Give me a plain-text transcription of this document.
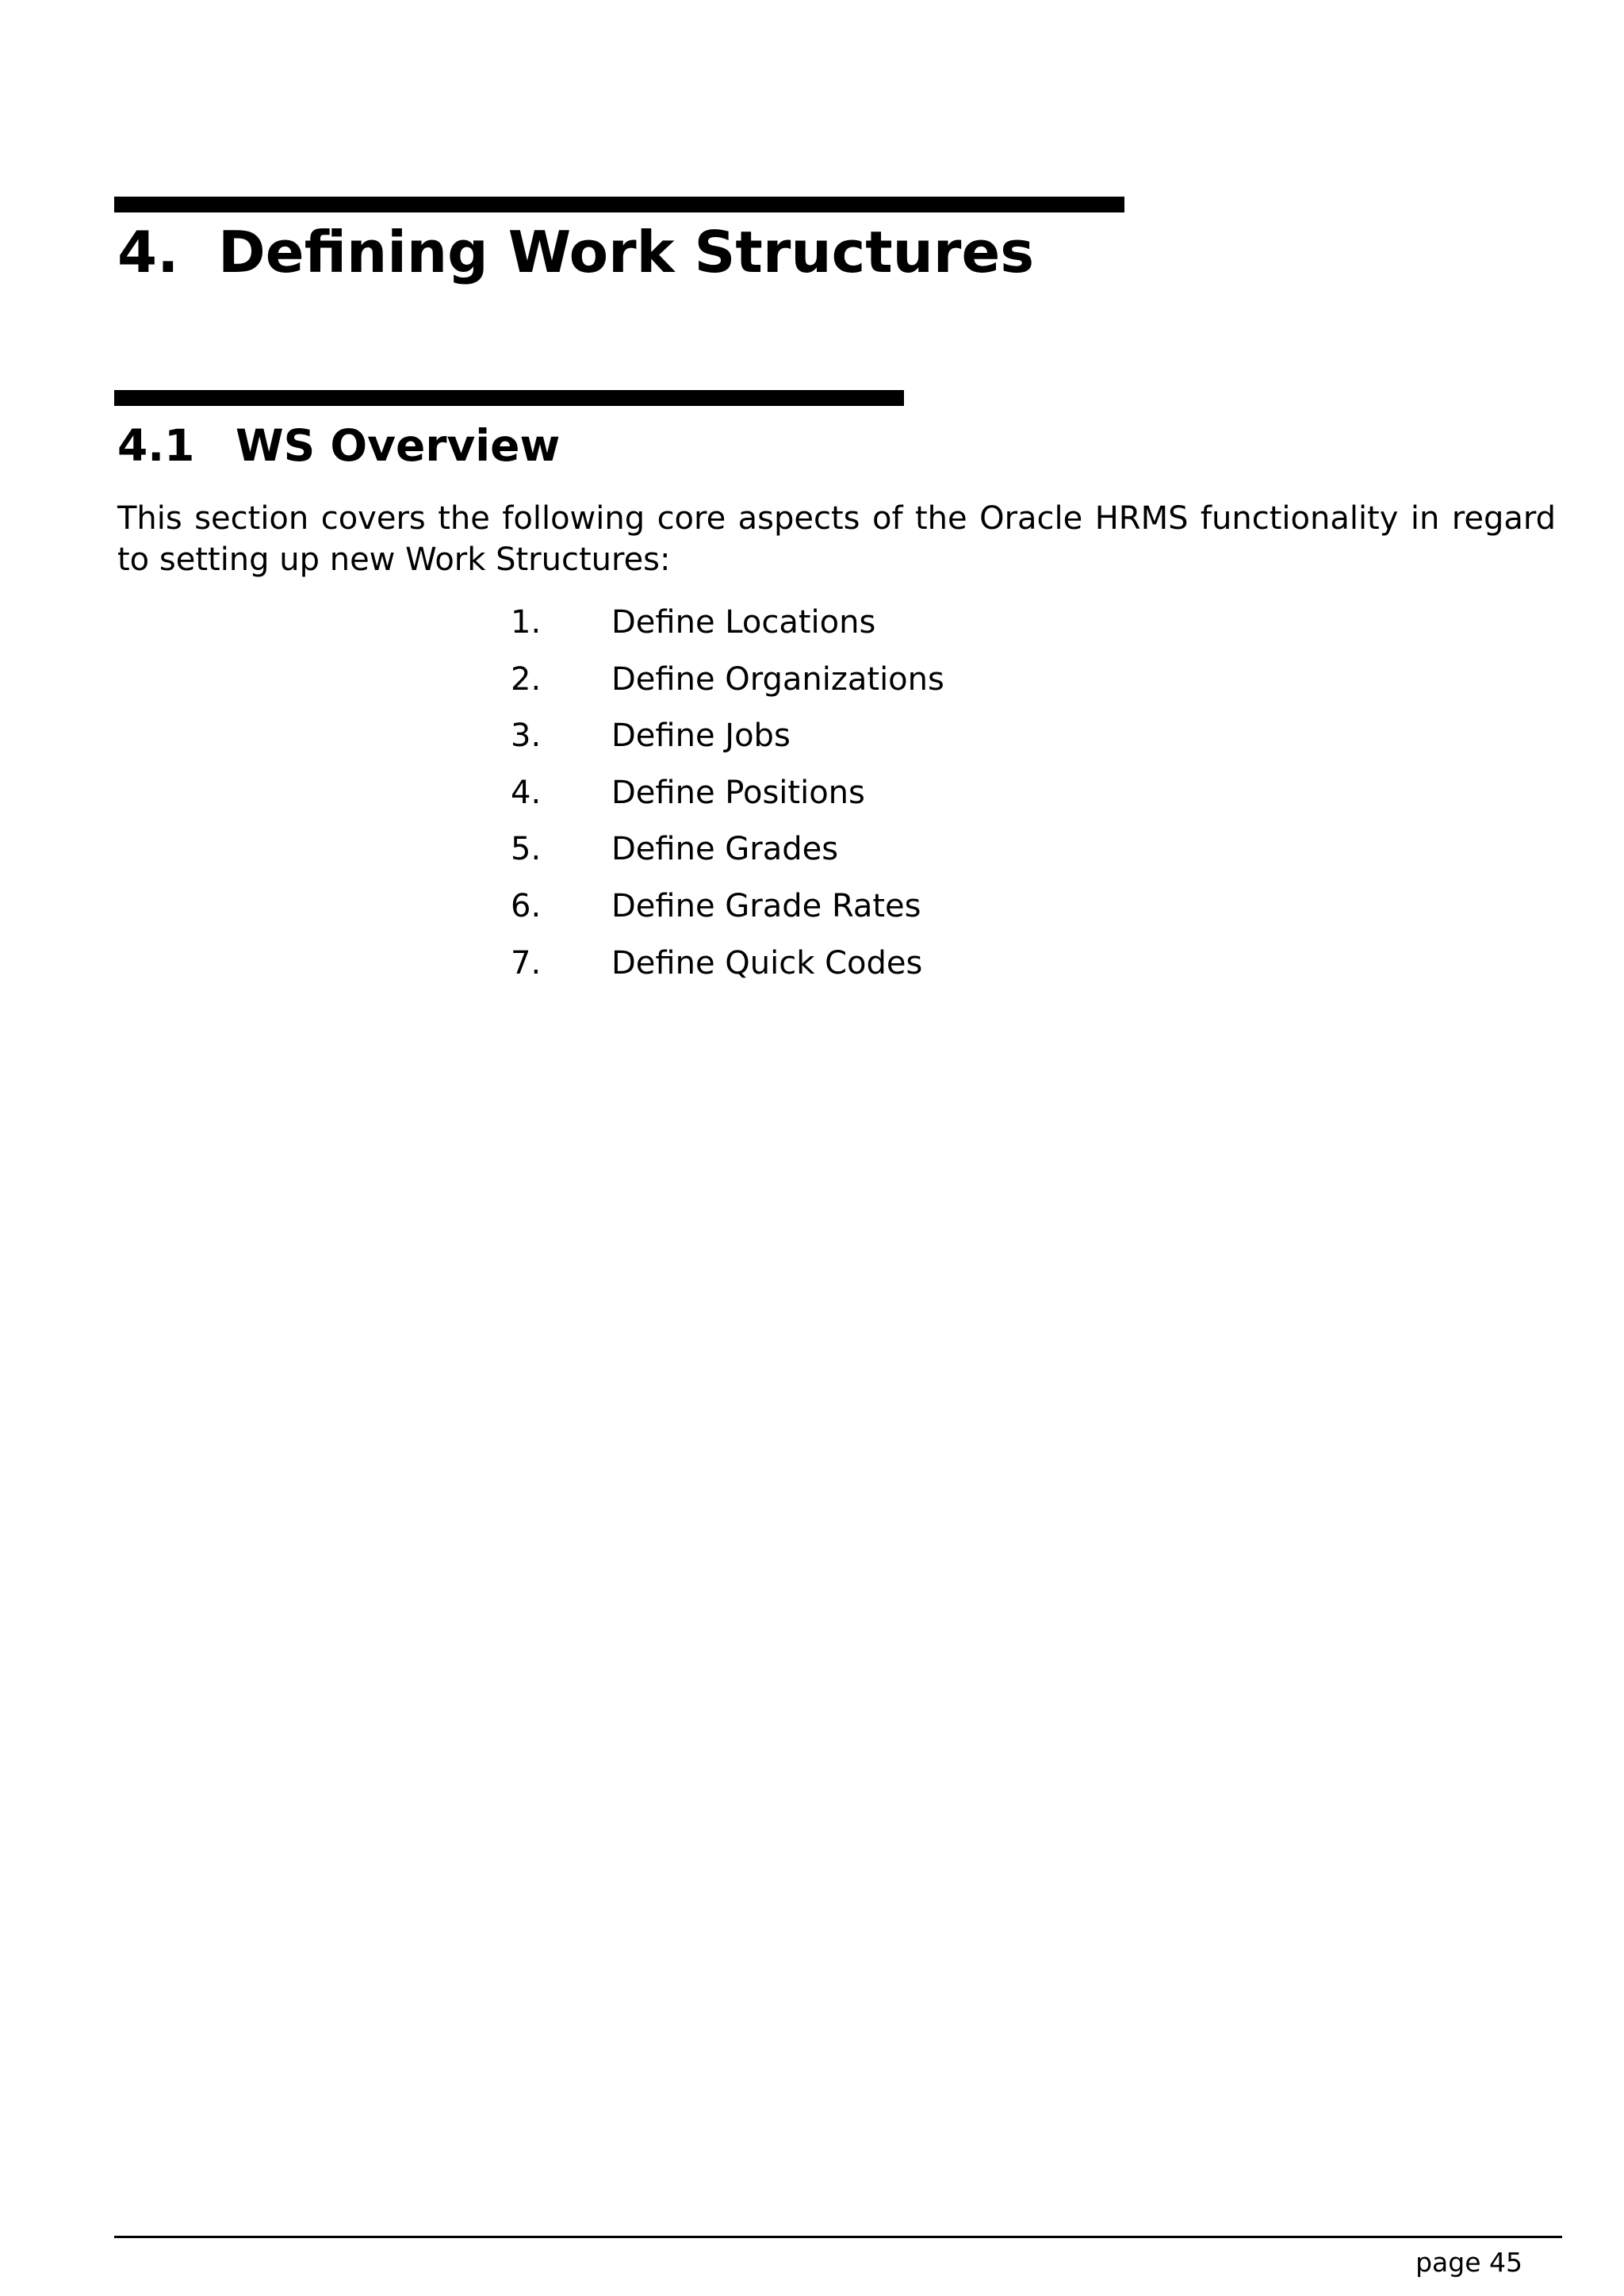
4. Defining Work Structures
4.1 WS Overview

This section covers the following core aspects of the Oracle HRMS functionality in regard to setting up new Work Structures:

1. Define Locations
2. Define Organizations
3. Define Jobs
4. Define Positions
5. Define Grades
6. Define Grade Rates
7. Define Quick Codes
page 45
